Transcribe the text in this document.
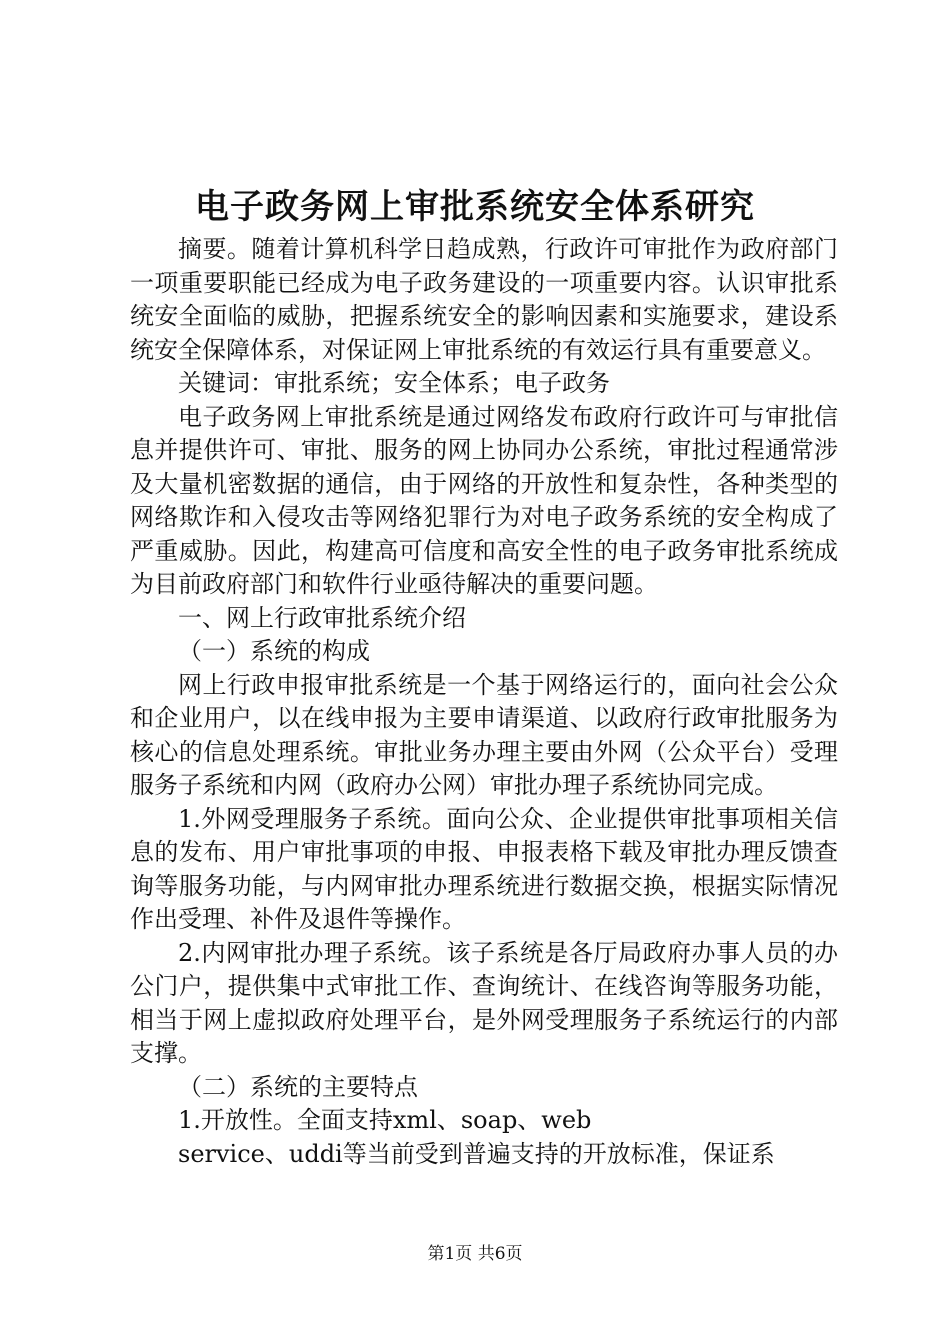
电子政务网上审批系统安全体系研究

摘要。随着计算机科学日趋成熟，行政许可审批作为政府部门一项重要职能已经成为电子政务建设的一项重要内容。认识审批系统安全面临的威胁，把握系统安全的影响因素和实施要求，建设系统安全保障体系，对保证网上审批系统的有效运行具有重要意义。

关键词：审批系统；安全体系；电子政务

电子政务网上审批系统是通过网络发布政府行政许可与审批信息并提供许可、审批、服务的网上协同办公系统，审批过程通常涉及大量机密数据的通信，由于网络的开放性和复杂性，各种类型的网络欺诈和入侵攻击等网络犯罪行为对电子政务系统的安全构成了严重威胁。因此，构建高可信度和高安全性的电子政务审批系统成为目前政府部门和软件行业亟待解决的重要问题。

一、网上行政审批系统介绍

（一）系统的构成

网上行政申报审批系统是一个基于网络运行的，面向社会公众和企业用户，以在线申报为主要申请渠道、以政府行政审批服务为核心的信息处理系统。审批业务办理主要由外网（公众平台）受理服务子系统和内网（政府办公网）审批办理子系统协同完成。

1.外网受理服务子系统。面向公众、企业提供审批事项相关信息的发布、用户审批事项的申报、申报表格下载及审批办理反馈查询等服务功能，与内网审批办理系统进行数据交换，根据实际情况作出受理、补件及退件等操作。

2.内网审批办理子系统。该子系统是各厅局政府办事人员的办公门户，提供集中式审批工作、查询统计、在线咨询等服务功能，相当于网上虚拟政府处理平台，是外网受理服务子系统运行的内部支撑。

（二）系统的主要特点

1.开放性。全面支持xml、soap、web

service、uddi等当前受到普遍支持的开放标准，保证系

第1页 共6页
